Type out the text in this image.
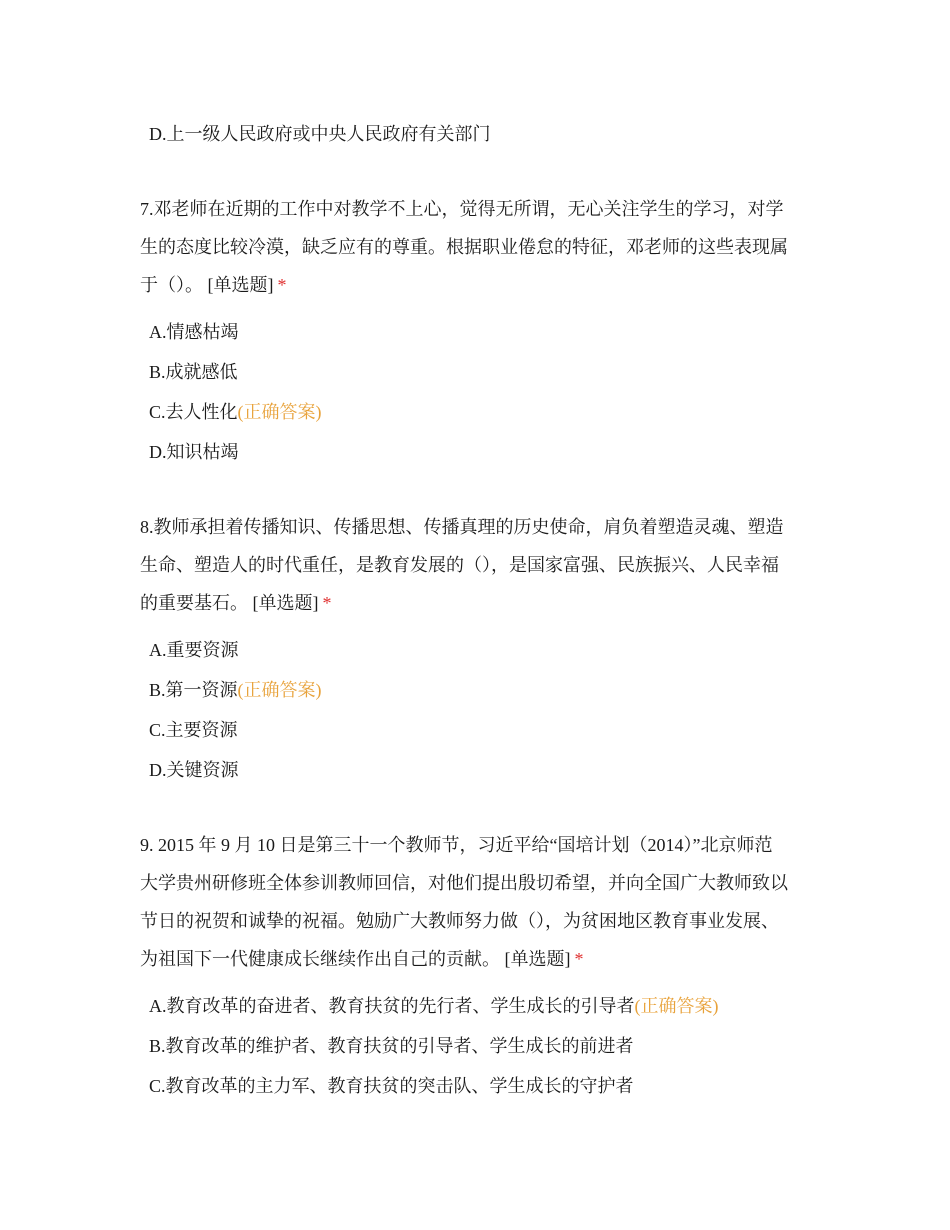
D.上一级人民政府或中央人民政府有关部门
7.邓老师在近期的工作中对教学不上心，觉得无所谓，无心关注学生的学习，对学
生的态度比较冷漠，缺乏应有的尊重。根据职业倦怠的特征，邓老师的这些表现属
于（）。 [单选题] *
A.情感枯竭
B.成就感低
C.去人性化(正确答案)
D.知识枯竭
8.教师承担着传播知识、传播思想、传播真理的历史使命，肩负着塑造灵魂、塑造
生命、塑造人的时代重任，是教育发展的（），是国家富强、民族振兴、人民幸福
的重要基石。 [单选题] *
A.重要资源
B.第一资源(正确答案)
C.主要资源
D.关键资源
9. 2015 年 9 月 10 日是第三十一个教师节，习近平给“国培计划（2014）”北京师范
大学贵州研修班全体参训教师回信，对他们提出殷切希望，并向全国广大教师致以
节日的祝贺和诚挚的祝福。勉励广大教师努力做（），为贫困地区教育事业发展、
为祖国下一代健康成长继续作出自己的贡献。 [单选题] *
A.教育改革的奋进者、教育扶贫的先行者、学生成长的引导者(正确答案)
B.教育改革的维护者、教育扶贫的引导者、学生成长的前进者
C.教育改革的主力军、教育扶贫的突击队、学生成长的守护者
